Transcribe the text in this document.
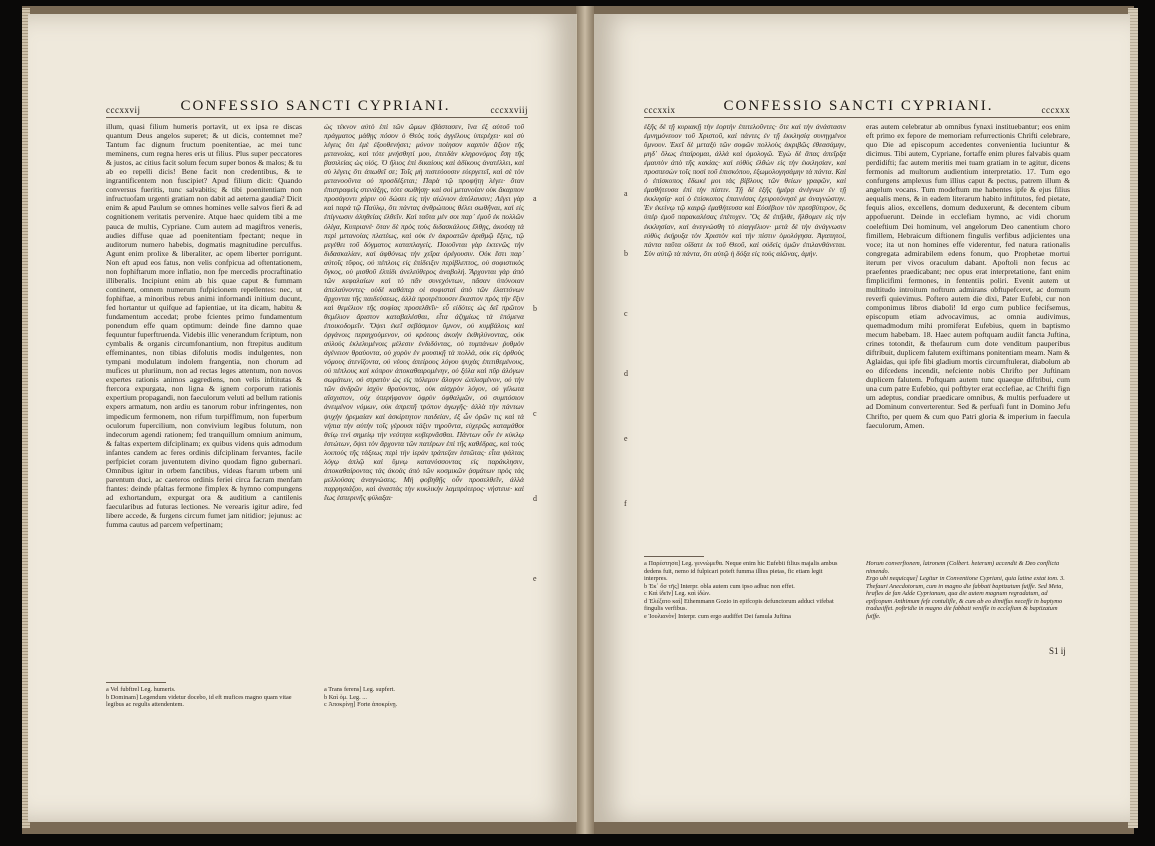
cccxxvij	CONFESSIO SANCTI CYPRIANI.	cccxxviij

illum, quasi filium humeris portavit, ut ex ipsa re discas quantum Deus angelos superet; & ut dicis, contemnet me? Tantum fac dignum fructum poenitentiae, ac mei tunc meminens, cum regna heres eris ut filius. Plus super peccatores & justos, ac citius facit solum fecum super bonos & malos; & tu ab eo repelli dicis! Bene facit non credentibus, & te ingrantificentem non fuscipiet? Apud filium dicit: Quando conversus fueritis, tunc salvabitis; & tibi poenitentiam non infructuofam urgenti gratiam non dabit ad aeterna gaudia? Dicit enim & apud Paulum se omnes homines velle salvos fieri & ad cognitionem veritatis pervenire. Atque haec quidem tibi a me pauca de multis, Cypriane. Cum autem ad magiftros veneris, audies diffuse quae ad poenitentiam fpectant; neque in auditorum numero habebis, dogmatis magnitudine perculfus. Agunt enim prolixe & liberaliter, ac opem liberter porrigunt. Non eft apud eos fatus, non velis confpicua ad oftentationem, non fophiftarum more inflatio, non fpe mercedis procraftinatio illiberalis. Incipiunt enim ab his quae caput & fummam continent, omnem numerum fufpicionem repellentes: nec, ut fophiftae, a minoribus rebus animi informandi initium ducunt, fed hortantur ut quifque ad fapientiae, ut ita dicam, habitu & fundamentum accedat; probe fcientes primo fundamentum ponendum effe quam optimum: deinde fine damno quae fequuntur fuperftruenda. Videbis illic venerandum fcriptum, non cymbalis & organis circumfonantium, non ftrepitus auditum effeminantes, non tibias difolutis modis indulgentes, non tympani modulatum indolem frangentia, non chorum ad mufices ut pluriinum, non ad rectas leges attentum, non novos expertes rationis animos aggrediens, non velis inftitutas & ftercora expurgata, non ligna & ignem corporum rationis expertium propagandi, non faeculorum veluti ad bellum rationis expers armatum, non ardiu es tanorum robur infringentes, non impedicum fermonem, non rifum turpiffimum, non fuperbum oculorum fupercilium, non convivium legibus folutum, non indecorum agendi rationem; fed tranquillum omnium animum, & faltas expertem difciplinam; ex quibus videns quis admodum infantes candem ac feres ordinis difciplinam fervantes, facile perfpiciet coram juventutem divino quodam figno gubernari. Omnibus igitur in orbem fanctibus, videas ftarum urbem uni parentum duci, ac caeteros ordinis feriei circa facram menfam ftantes: deinde pfaltas fermone fimplex & hymno compungens ad exhortandum, expurgat ora & auditium a cantilenis faecularibus ad futuras lectiones. Ne verearis igitur adire, fed libere accede, & furgens circum fumet jam nitidior; jejunus: ac fumma cautus ad parcem vefpertinam;

ὡς τέκνον αὐτὸ ἐπὶ τῶν ὤμων ἐβάστασεν, ἵνα ἐξ αὐτοῦ τοῦ πράγματος μάθῃς πόσον ὁ Θεὸς τοὺς ἀγγέλους ὑπερέχει· καὶ σὺ λέγεις ὅτι ἐμὲ ἐξουθενήσει; μόνον ποίησον καρπὸν ἄξιον τῆς μετανοίας, καὶ τότε μνήσθητί μου, ἐπειδὰν κληρονόμος ἔσῃ τῆς βασιλείας ὡς υἱός. Ὁ ἥλιος ἐπὶ δικαίους καὶ ἀδίκους ἀνατέλλει, καὶ σὺ λέγεις ὅτι ἀπωθεῖ σε; Τοῖς μὴ πιστεύουσιν εὐεργετεῖ, καὶ σὲ τὸν μετανοοῦντα οὐ προσδέξεται; Παρὰ τῷ προφήτῃ λέγει· ὅταν ἐπιστραφεὶς στενάξῃς, τότε σωθήσῃ· καὶ σοὶ μετανοίαν οὐκ ἄκαρπον προσάγοντι χάριν οὐ δώσει εἰς τὴν αἰώνιον ἀπόλαυσιν; Λέγει γὰρ καὶ παρὰ τῷ Παύλῳ, ὅτι πάντας ἀνθρώπους θέλει σωθῆναι, καὶ εἰς ἐπίγνωσιν ἀληθείας ἐλθεῖν. Καὶ ταῦτα μὲν σοι παρ᾽ ἐμοῦ ἐκ πολλῶν ὀλίγα, Κυπριανέ· ὅταν δὲ πρὸς τοὺς διδασκάλους ἔλθῃς, ἀκούσῃ τὰ περὶ μετανοίας πλατέως, καὶ οὐκ ἐν ἀκροατῶν ἀριθμῷ ἕξεις, τῷ μεγέθει τοῦ δόγματος καταπλαγείς. Ποιοῦνται γὰρ ἐκτενῶς τὴν διδασκαλίαν, καὶ ἀφθόνως τὴν χεῖρα ὀρέγουσιν. Οὐκ ἔστι παρ᾽ αὐτοῖς τῦφος, οὐ πέπλοις εἰς ἐπίδειξιν περίβλεπτος, οὐ σοφιστικὸς ὄγκος, οὐ μισθοῦ ἐλπίδι ἀνελεύθερος ἀναβολή. Ἄρχονται γὰρ ἀπὸ τῶν κεφαλαίων καὶ τὸ πᾶν συνεχόντων, πᾶσαν ὑπόνοιαν ἀπελαύνοντες· οὐδὲ καθάπερ οἱ σοφισταὶ ἀπὸ τῶν ἐλαττόνων ἄρχονται τῆς παιδεύσεως, ἀλλὰ προτρέπουσιν ἕκαστον πρὸς τὴν ἕξιν καὶ θεμέλιον τῆς σοφίας προσελθεῖν· εὖ εἰδότες ὡς δεῖ πρῶτον θεμέλιον ἄριστον καταβαλέσθαι, εἶτα ἀζημίως τὰ ἑπόμενα ἐποικοδομεῖν. Ὄψει ἐκεῖ σεβάσμιον ὕμνον, οὐ κυμβάλοις καὶ ὀργάνοις περιηχούμενον, οὐ κρότους ἀκοὴν ἐκθηλύνοντας, οὐκ αὐλοὺς ἐκλελυμένοις μέλεσιν ἐνδιδόντας, οὐ τυμπάνων ῥυθμὸν ἀγένειον θραύοντα, οὐ χορὸν ἐν μουσικῇ τὰ πολλὰ, οὐκ εἰς ὀρθοὺς νόμους ἀτενίζοντα, οὐ νέους ἀπείρους λόγου ψυχὰς ἐπιτιθεμένους, οὐ πέπλους καὶ κόπρον ἀποκαθαιρομένην, οὐ ξύλα καὶ πῦρ ἀλόγων σωμάτων, οὐ στρατὸν ὡς εἰς πόλεμον ἄλογον ὡπλισμένον, οὐ τὴν τῶν ἀνδρῶν ἰσχὺν θραύοντας, οὐκ αἰσχρὸν λόγον, οὐ γέλωτα αἴσχιστον, οὐχ ὑπερήφανον ὀφρὺν ὀφθαλμῶν, οὐ συμπόσιον ἀνειμένον νόμων, οὐκ ἀπρεπῆ τρόπον ἀγωγῆς· ἀλλὰ τὴν πάντων ψυχὴν ἠρεμαίαν καὶ ἀσκίρτητον παιδείαν, ἐξ ὧν ὁρῶν τις καὶ τὰ νήπια τὴν αὐτὴν τοῖς γέρουσι τάξιν τηροῦντα, εὐχερῶς καταμάθοι θείῳ τινὶ σημείῳ τὴν νεότητα κυβερνᾶσθαι. Πάντων οὖν ἐν κύκλῳ ἑστώτων, ὄψει τὸν ἄρχοντα τῶν πατέρων ἐπὶ τῆς καθέδρας, καὶ τοὺς λοιποὺς τῆς τάξεως περὶ τὴν ἱερὰν τράπεζαν ἑστῶτας· εἶτα ψάλτας λόγῳ ἁπλῷ καὶ ὕμνῳ κατανύσσοντας εἰς παράκλησιν, ἀποκαθαίροντας τὰς ἀκοὰς ἀπὸ τῶν κοσμικῶν ᾀσμάτων πρὸς τὰς μελλούσας ἀναγνώσεις. Μὴ φοβηθῇς οὖν προσελθεῖν, ἀλλὰ παρρησιάζου, καὶ ἀναστὰς τὴν κυκλικὴν λαμπρότερος· νήστευε· καὶ ἕως ἑσπερινῆς φύλαξαι·

a
b
c
d
e
a Vel fubftrel Leg. humeris.
b Dominam] Legendum videtur docebo, id eft mufices magno quam vitae legibus ac regulis attendentem.
a Trans ferens] Leg. supfert.
b Καὶ ὁμ. Leg. ...
c Ἀποκρίνῃ] Forte ἀποκρίνῃ.
cccxxix	CONFESSIO SANCTI CYPRIANI.	cccxxx
a
b
c
d
e
f

ἑξῆς δὲ τῇ κυριακῇ τὴν ἑορτὴν ἐπιτελοῦντες· ὅτε καὶ τὴν ἀνάστασιν ἐμνημόνευον τοῦ Χριστοῦ, καὶ πάντες ἐν τῇ ἐκκλησίᾳ συνηγμένοι ὕμνουν. Ἐκεῖ δὲ μεταξὺ τῶν σοφῶν πολλοὺς ἀκριβῶς ἐθεασάμην, μηδ᾽ ὅλως ἐπαίρομαι, ἀλλὰ καὶ ὁμολογῶ. Ἐγὼ δὲ ἅπας ἀπεῖρξα ἐμαυτὸν ἀπὸ τῆς κακίας· καὶ εὐθὺς ἐλθὼν εἰς τὴν ἐκκλησίαν, καὶ προσπεσὼν τοῖς ποσὶ τοῦ ἐπισκόπου, ἐξωμολογησάμην τὰ πάντα. Καὶ ὁ ἐπίσκοπος ἔδωκέ μοι τὰς βίβλους τῶν θείων γραφῶν, καὶ ἐμαθήτευσα ἐπὶ τὴν πίστιν. Τῇ δὲ ἑξῆς ἡμέρᾳ ἀνέγνων ἐν τῇ ἐκκλησίᾳ· καὶ ὁ ἐπίσκοπος ἐπαινέσας ἐχειροτόνησέ με ἀναγνώστην. Ἐν ἐκείνῳ τῷ καιρῷ ἐμαθήτευσα καὶ Εὐσέβιον τὸν πρεσβύτερον, ὃς ὑπὲρ ἐμοῦ παρακαλέσας ἐπέτυχεν. Ὃς δὲ ἐπῆλθε, ἤλθομεν εἰς τὴν ἐκκλησίαν, καὶ ἀνεγνώσθη τὸ εὐαγγέλιον· μετὰ δὲ τὴν ἀνάγνωσιν εὐθὺς ἐκήρυξα τὸν Χριστὸν καὶ τὴν πίστιν ὁμολόγησα. Ἀγαπητοί, πάντα ταῦτα οἴδατε ἐκ τοῦ Θεοῦ, καὶ οὐδεὶς ὑμῶν ἐπιλανθάνεται. Σὺν αὐτῷ τὰ πάντα, ὅτι αὐτῷ ἡ δόξα εἰς τοὺς αἰῶνας, ἀμήν.

eras autem celebratur ab omnibus fynaxi instituebantur; eos enim eft primo ex fepore de memoriam refurrectionis Chrifti celebrare, quo Die ad episcopum accedentes convenientia luciuntur & dicimus. Tibi autem, Cypriane, fortaffe enim plures falvabis quam perdidifti; fac autem meritis mei tuam gratiam in te agitur, dicens fermonis ad multorum audientium interpretatio. 17. Tum ego confurgens amplexus fum illius caput & pectus, patrem illum & angelum vocans. Tum modeftum me habentes ipfe & ejus filius aequalis mens, & in eadem literarum habito inftitutos, fed pietate, fequis alios, excellens, domum deduxerunt, & decentem cibum appofuerunt. Deinde in ecclefiam hymno, ac vidi chorum coeleftium Dei hominum, vel angelorum Deo canentium choro fimillem, Hebraicum diftionem fingulis verfibus adjicientes una voce; ita ut non homines effe viderentur, fed natura rationalis congregata admirabilem edens fonum, quo Prophetae mortui iterum per vivos oraculum dabant. Apoftoli non fecus ac praefentes praedicabant; nec opus erat interpretatione, fant enim fimplicifimi fermones, in fententiis poliri. Evenit autem ut multitudo introitum noftrum admirans obftupefceret, ac domum reverfi quievimus. Poftero autem die dixi, Pater Eufebi, cur non componimus libros diaboli! Id ergo cum publice fecifsemus, episcopum etiam advocavimus, ac omnia audivimus, quemadmodum mihi promiferat Eufebius, quem in baptismo mecum habebam. 18. Haec autem poftquam audiit fancta Juftina, crines totondit, & thefaurum cum dote venditum pauperibus diftribuit, duplicem falutem exiftimans ponitentiam meam. Nam & Aglaidas, qui ipfe fibi gladium mortis circumftulerat, diabolum ab eo difcedens incendit, nefciente nobis Chrifto per Juftinam duplicem falutem. Poftquam autem tunc quaeque diftribui, cum una cum patre Eufebio, qui poftbyter erat ecclefiae, ac Chrifti fign um adeptus, condiar praedicare omnibus, & multis perfuadere ut ad Dominum converterentur. Sed & perfuafi funt in Domino Jefu Chrifto, per quem & cum quo Patri gloria & imperium in faecula faeculorum, Amen.

a Παρέστησα] Leg. γεννώμεθα. Neque enim hic Eufebii filius majalis ambus dedens fuit, nemo id fulpicari poteft fumma illius pietas, fic etiam legit interpres.
b Ἐκ᾽ ὅσ τῆς] Interpr. obla autem cum ipso adhuc non effet.
c Καὶ ἰδεῖν] Leg. καὶ ἰδὼν.
d Ἐλέξατο καὶ] Ethemmann Gozio in epifcopis defunctorum adduci vifebat fingulis verfibus.
e Ἰουλιανὸν] Interpr. cum ergo audiffet Dei famula Juftina
Horum converfionem, latronem (Colbert. heterum) accendit & Deo conflicta nimendo.
Ergo ubi nequicque] Legitur in Conventione Cypriani, quia latine extat tom. 3. Thefauri Anecdotorum, cum in magno die fabbati baptizatum fuiffe. Sed Meta, hrafles de fan Adde Cyprianum, qua die autem magnum regradatum, ad epifcopum Anthimum fefe contulifle, & cum ab eo dimiffus neceffe in baptymo traduxiffet. poftridie in magno die fabbati venifle in ecclefiam & baptizatum fuiffe.
S1 ij
